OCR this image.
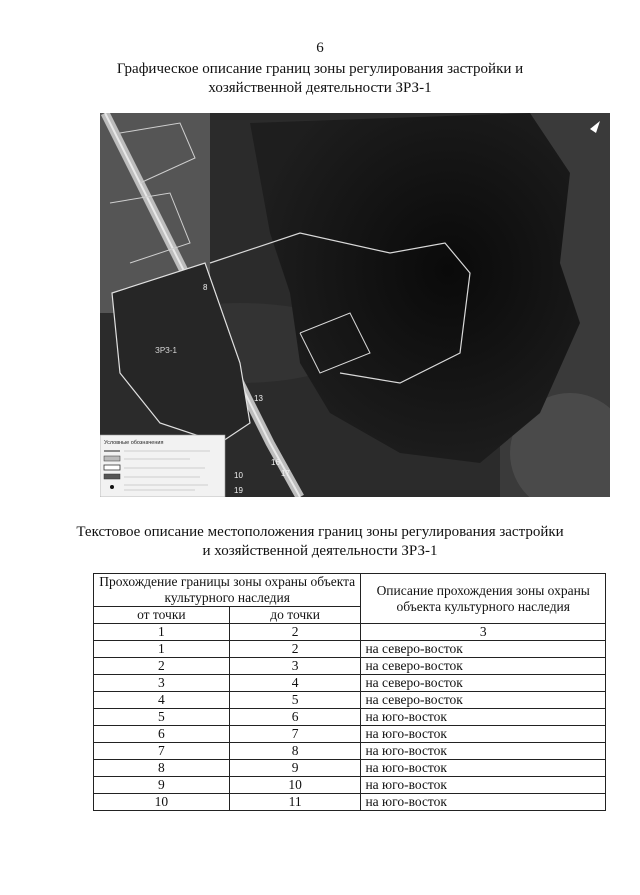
6
Графическое описание границ зоны регулирования застройки и
хозяйственной деятельности ЗРЗ-1
ЗРЗ-1
8
13
16
17
10
19
Условные обозначения
Текстовое описание местоположения границ зоны регулирования застройки
и хозяйственной деятельности ЗРЗ-1
Прохождение границы зоны охраны объекта культурного наследия		Описание прохождения зоны охраны объекта культурного наследия
от точки	до точки	
1	2	3
1	2	на северо-восток
2	3	на северо-восток
3	4	на северо-восток
4	5	на северо-восток
5	6	на юго-восток
6	7	на юго-восток
7	8	на юго-восток
8	9	на юго-восток
9	10	на юго-восток
10	11	на юго-восток
